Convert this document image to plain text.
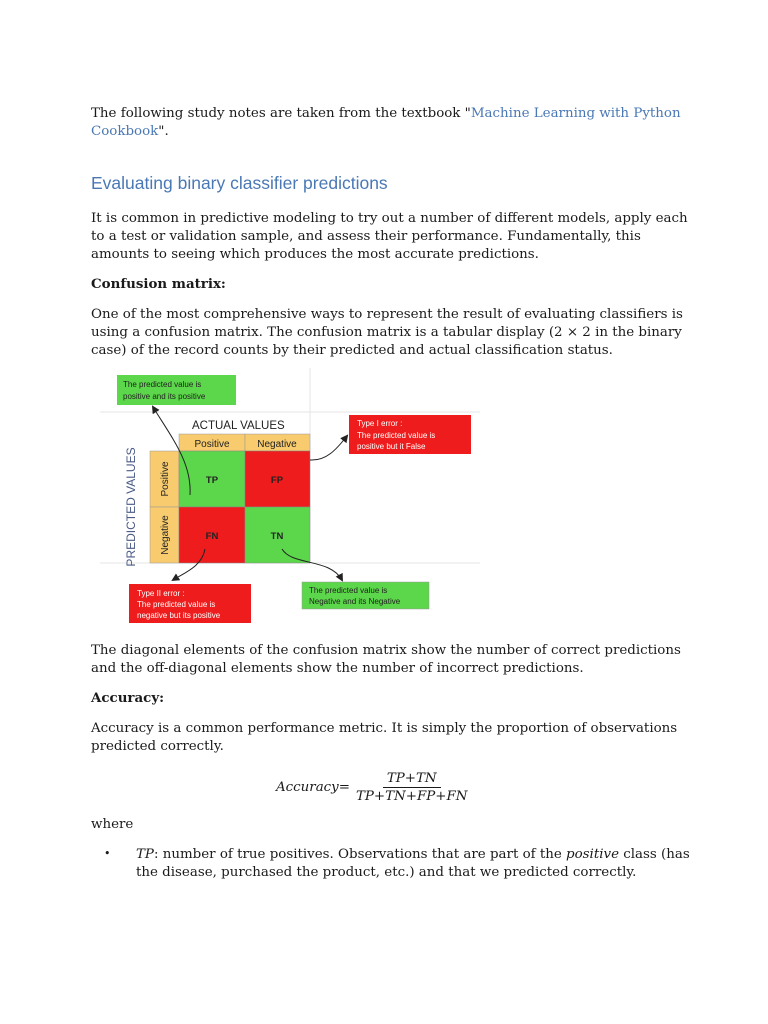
The following study notes are taken from the textbook "Machine Learning with Python
Cookbook".

Evaluating binary classifier predictions

It is common in predictive modeling to try out a number of different models, apply each to a test or validation sample, and assess their performance. Fundamentally, this amounts to seeing which produces the most accurate predictions.

Confusion matrix:

One of the most comprehensive ways to represent the result of evaluating classifiers is using a confusion matrix. The confusion matrix is a tabular display (2 × 2 in the binary case) of the record counts by their predicted and actual classification status.

The predicted value is
positive and its positive
ACTUAL VALUES
Positive	Negative
PREDICTED VALUES Positive
Negative
TP	FP
FN	TN
Type I error :
The predicted value is
positive but it False
Type II error :
The predicted value is
negative but its positive
The predicted value is
Negative and its Negative

The diagonal elements of the confusion matrix show the number of correct predictions and the off-diagonal elements show the number of incorrect predictions.

Accuracy:

Accuracy is a common performance metric. It is simply the proportion of observations predicted correctly.

Accuracy= $\frac{TP+TN}{TP+TN+FP+FN}$

where

• TP: number of true positives. Observations that are part of the positive class (has the disease, purchased the product, etc.) and that we predicted correctly.
